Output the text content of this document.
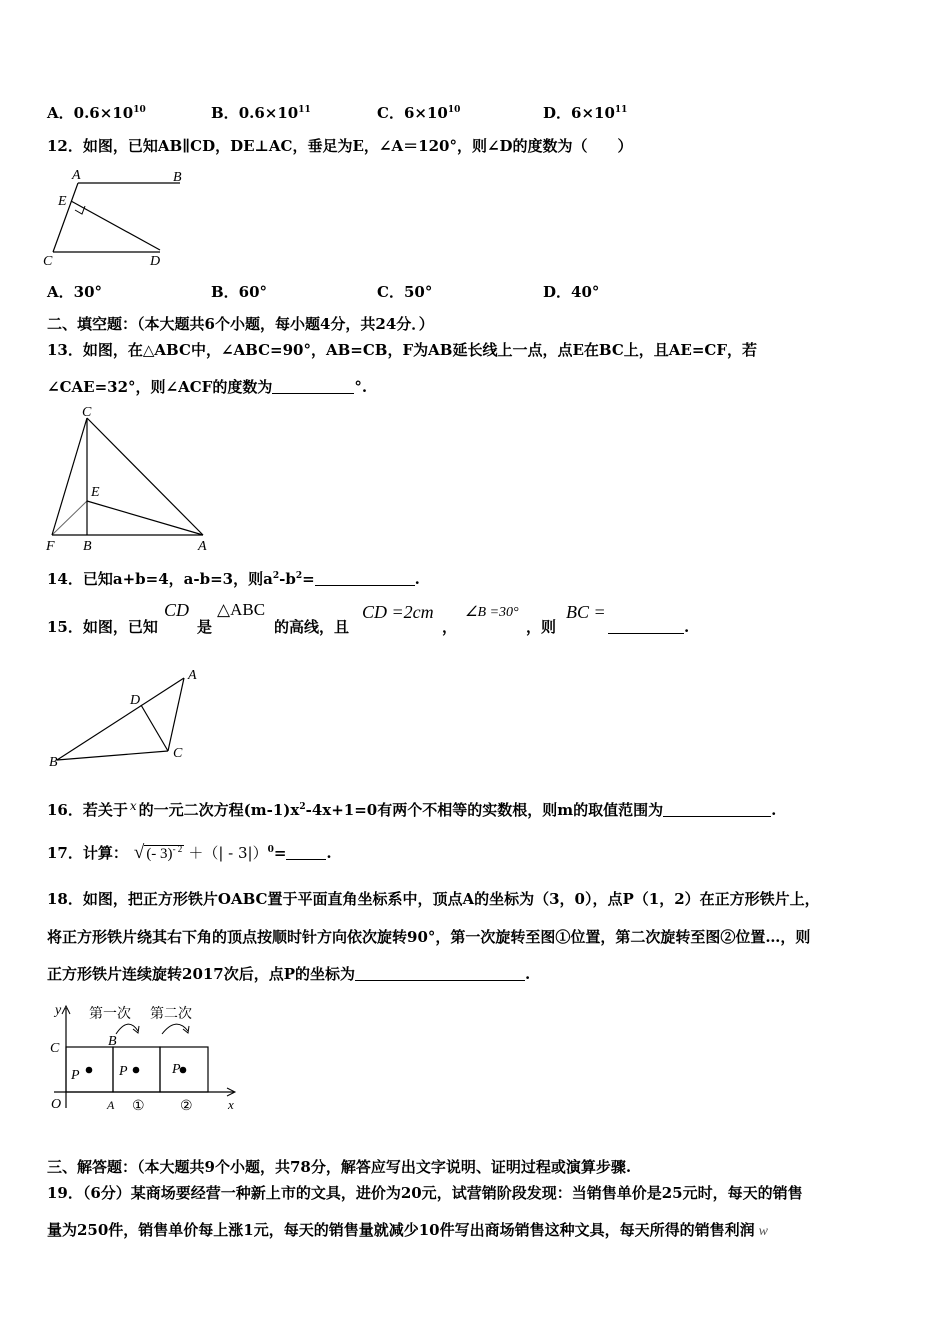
A．$0.6\times 10^{10}$	B．$0.6\times 10^{11}$	C．$6\times 10^{10}$	D．$6\times 10^{11}$
12．如图，已知AB∥CD，DE⊥AC，垂足为E，∠A＝120°，则∠D的度数为（　　）
A	B
E
C	D
A．30°	B．60°	C．50°	D．40°
二、填空题：（本大题共6个小题，每小题4分，共24分．）
13．如图，在△ABC中，∠ABC=90°，AB=CB，F为AB延长线上一点，点E在BC上，且AE=CF，若
∠CAE=32°，则∠ACF的度数为	°.
C
E
F B	A
14．已知a+b=4，a-b=3，则$a^2-b^2=$	.
15．如图，已知
CD
是
△ABC
的高线，且
CD =2cm
，
∠B =30°
，则
BC =
.
A
D
B
C
16．若关于 $^x$ 的一元二次方程$(m-1)x^2-4x+1=0$有两个不相等的实数根，则m的取值范围为	.
17．计算： √ (- 3)$^{- 2}$ ＋（| - 3|）$^0$=	.
18．如图，把正方形铁片OABC置于平面直角坐标系中，顶点A的坐标为（3，0），点P（1，2）在正方形铁片上，
将正方形铁片绕其右下角的顶点按顺时针方向依次旋转90°，第一次旋转至图①位置，第二次旋转至图②位置…，则
正方形铁片连续旋转2017次后，点P的坐标为	.
y 第一次 第二次
B
C
P	P	P
O	A ①	②	x
三、解答题：（本大题共9个小题，共78分，解答应写出文字说明、证明过程或演算步骤.
19．（6分）某商场要经营一种新上市的文具，进价为20元，试营销阶段发现：当销售单价是25元时，每天的销售
量为250件，销售单价每上涨1元，每天的销售量就减少10件写出商场销售这种文具，每天所得的销售利润 w
